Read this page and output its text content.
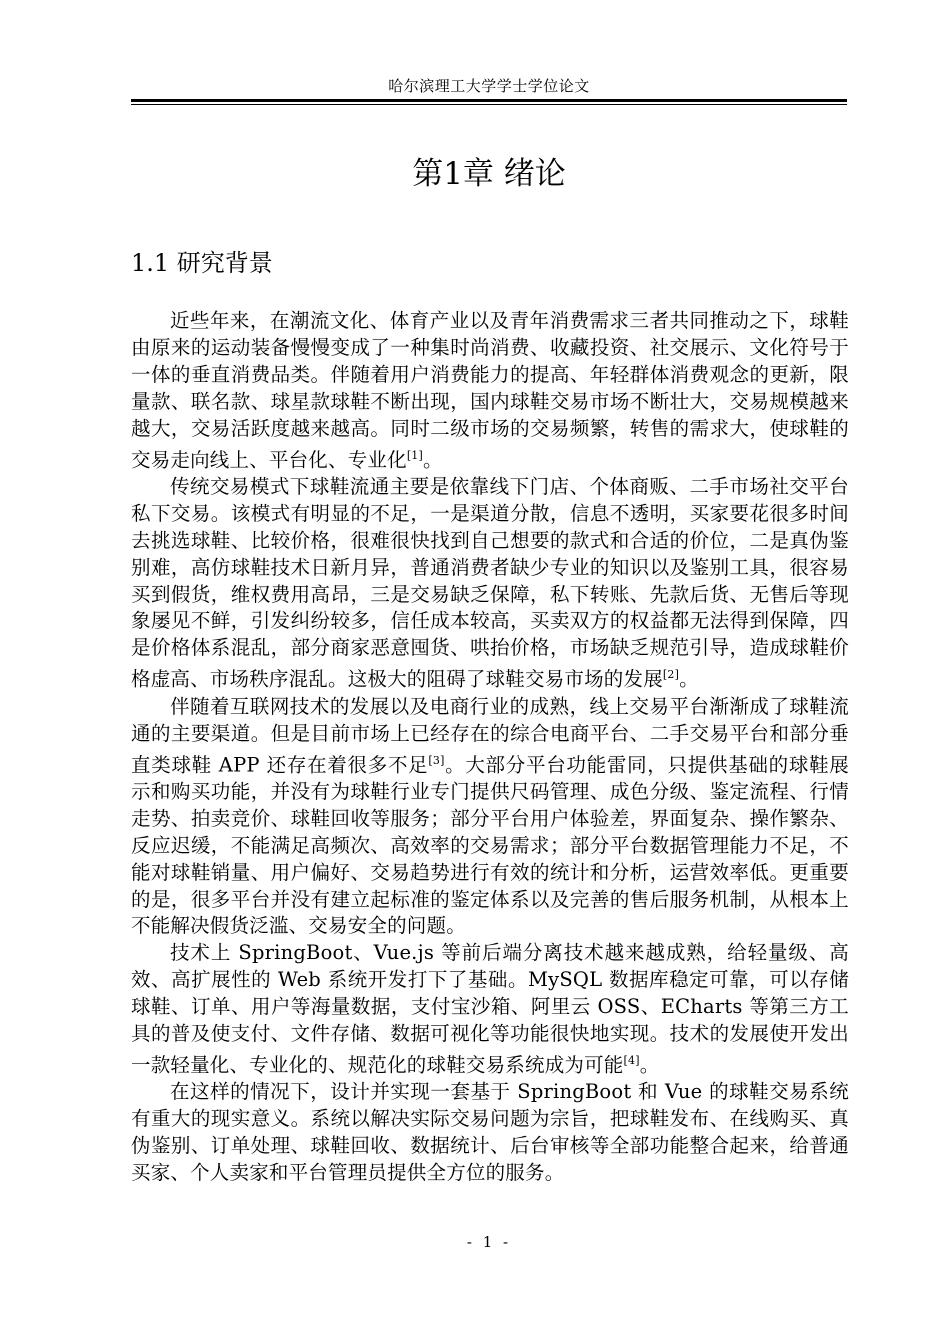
哈尔滨理工大学学士学位论文
第1章 绪论
1.1 研究背景

近些年来，在潮流文化、体育产业以及青年消费需求三者共同推动之下，球鞋由原来的运动装备慢慢变成了一种集时尚消费、收藏投资、社交展示、文化符号于一体的垂直消费品类。伴随着用户消费能力的提高、年轻群体消费观念的更新，限量款、联名款、球星款球鞋不断出现，国内球鞋交易市场不断壮大，交易规模越来越大，交易活跃度越来越高。同时二级市场的交易频繁，转售的需求大，使球鞋的交易走向线上、平台化、专业化[1]。

传统交易模式下球鞋流通主要是依靠线下门店、个体商贩、二手市场社交平台私下交易。该模式有明显的不足，一是渠道分散，信息不透明，买家要花很多时间去挑选球鞋、比较价格，很难很快找到自己想要的款式和合适的价位，二是真伪鉴别难，高仿球鞋技术日新月异，普通消费者缺少专业的知识以及鉴别工具，很容易买到假货，维权费用高昂，三是交易缺乏保障，私下转账、先款后货、无售后等现象屡见不鲜，引发纠纷较多，信任成本较高，买卖双方的权益都无法得到保障，四是价格体系混乱，部分商家恶意囤货、哄抬价格，市场缺乏规范引导，造成球鞋价格虚高、市场秩序混乱。这极大的阻碍了球鞋交易市场的发展[2]。

伴随着互联网技术的发展以及电商行业的成熟，线上交易平台渐渐成了球鞋流通的主要渠道。但是目前市场上已经存在的综合电商平台、二手交易平台和部分垂直类球鞋 APP 还存在着很多不足[3]。大部分平台功能雷同，只提供基础的球鞋展示和购买功能，并没有为球鞋行业专门提供尺码管理、成色分级、鉴定流程、行情走势、拍卖竞价、球鞋回收等服务；部分平台用户体验差，界面复杂、操作繁杂、反应迟缓，不能满足高频次、高效率的交易需求；部分平台数据管理能力不足，不能对球鞋销量、用户偏好、交易趋势进行有效的统计和分析，运营效率低。更重要的是，很多平台并没有建立起标准的鉴定体系以及完善的售后服务机制，从根本上不能解决假货泛滥、交易安全的问题。

技术上 SpringBoot、Vue.js 等前后端分离技术越来越成熟，给轻量级、高效、高扩展性的 Web 系统开发打下了基础。MySQL 数据库稳定可靠，可以存储球鞋、订单、用户等海量数据，支付宝沙箱、阿里云 OSS、ECharts 等第三方工具的普及使支付、文件存储、数据可视化等功能很快地实现。技术的发展使开发出一款轻量化、专业化的、规范化的球鞋交易系统成为可能[4]。

在这样的情况下，设计并实现一套基于 SpringBoot 和 Vue 的球鞋交易系统有重大的现实意义。系统以解决实际交易问题为宗旨，把球鞋发布、在线购买、真伪鉴别、订单处理、球鞋回收、数据统计、后台审核等全部功能整合起来，给普通买家、个人卖家和平台管理员提供全方位的服务。

- 1 -
